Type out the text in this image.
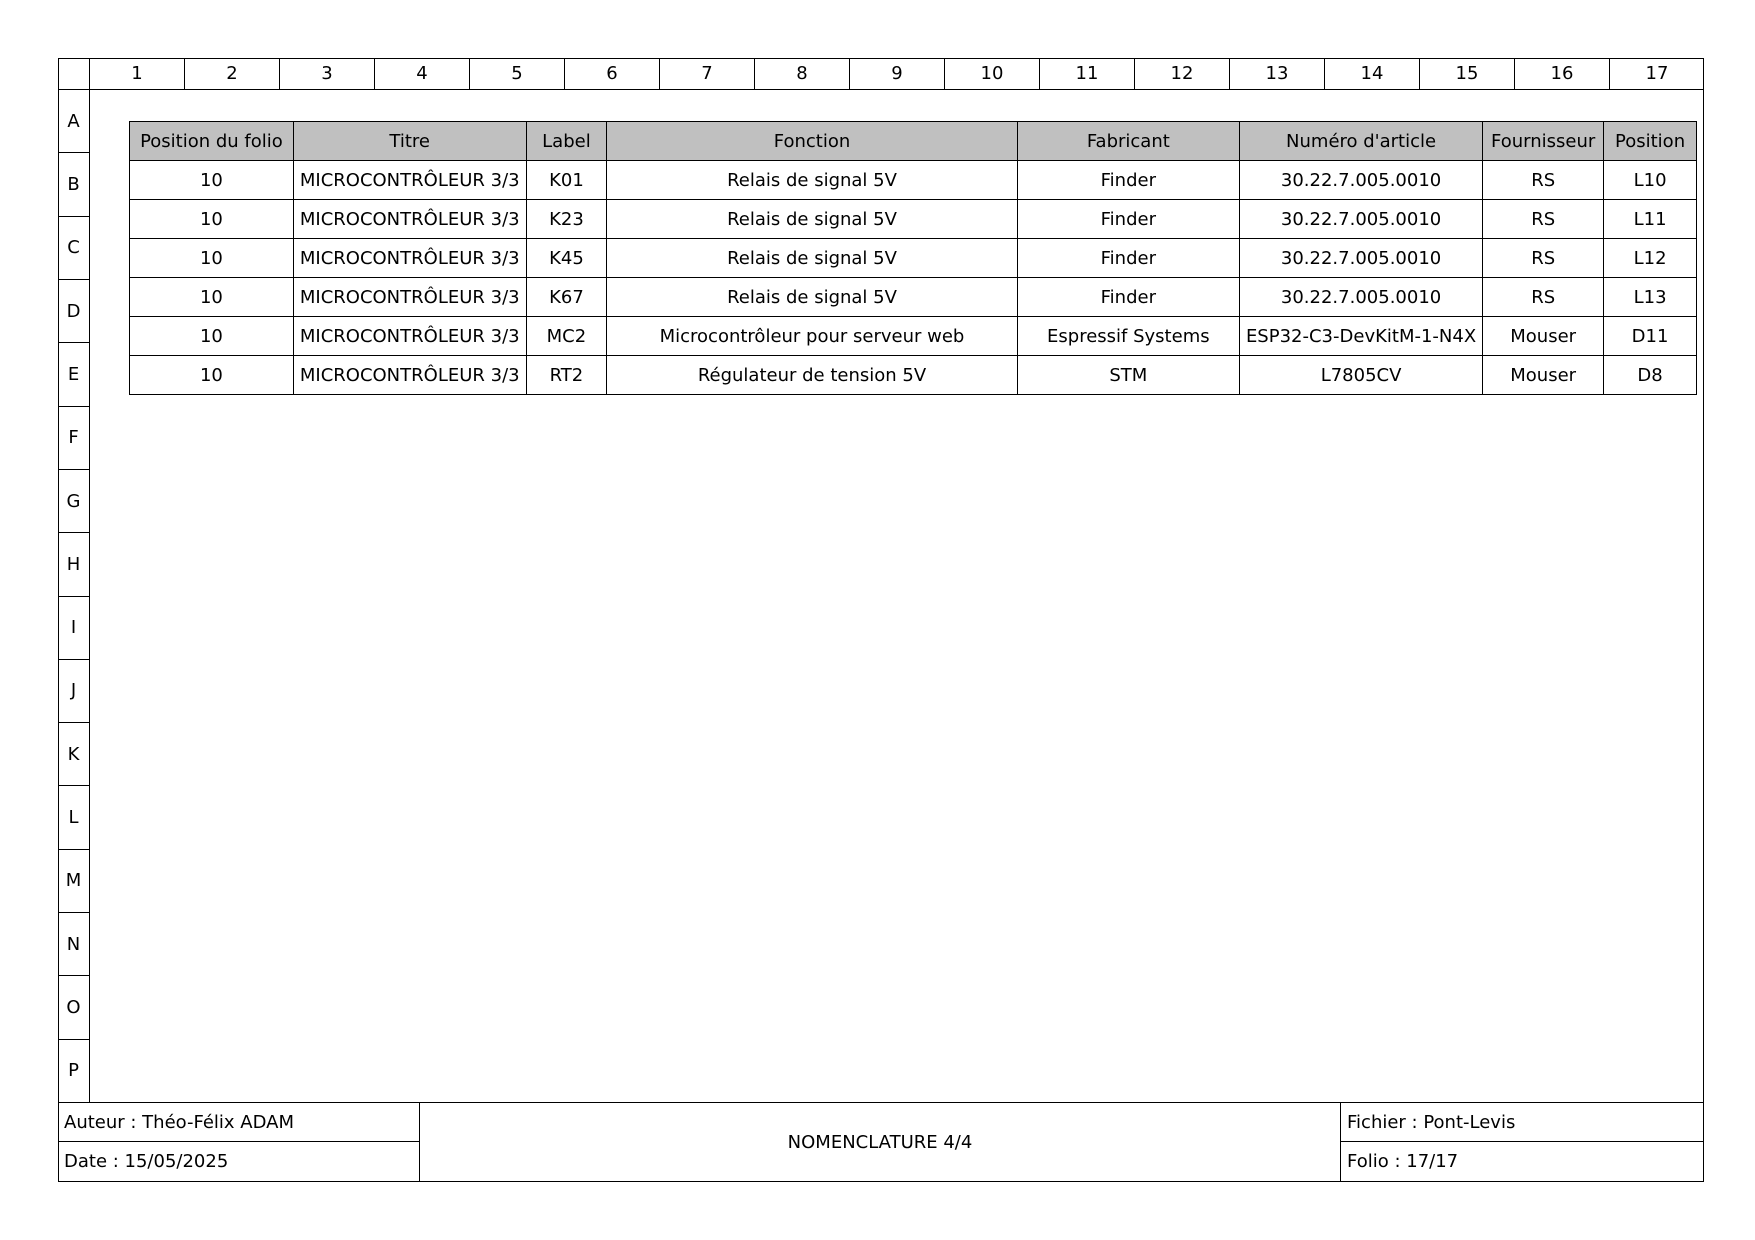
1	2	3	4	5	6	7	8	9	10	11	12	13	14	15	16	17
A
B
C
D
E
F
G
H
I
J
K
L
M
N
O
P
Position du folio	Titre	Label	Fonction	Fabricant	Numéro d'article	Fournisseur	Position
10	MICROCONTRÔLEUR 3/3	K01	Relais de signal 5V	Finder	30.22.7.005.0010	RS	L10
10	MICROCONTRÔLEUR 3/3	K23	Relais de signal 5V	Finder	30.22.7.005.0010	RS	L11
10	MICROCONTRÔLEUR 3/3	K45	Relais de signal 5V	Finder	30.22.7.005.0010	RS	L12
10	MICROCONTRÔLEUR 3/3	K67	Relais de signal 5V	Finder	30.22.7.005.0010	RS	L13
10	MICROCONTRÔLEUR 3/3	MC2	Microcontrôleur pour serveur web	Espressif Systems	ESP32-C3-DevKitM-1-N4X	Mouser	D11
10	MICROCONTRÔLEUR 3/3	RT2	Régulateur de tension 5V	STM	L7805CV	Mouser	D8
Auteur : Théo-Félix ADAM
Date : 15/05/2025
NOMENCLATURE 4/4
Fichier : Pont-Levis
Folio : 17/17
